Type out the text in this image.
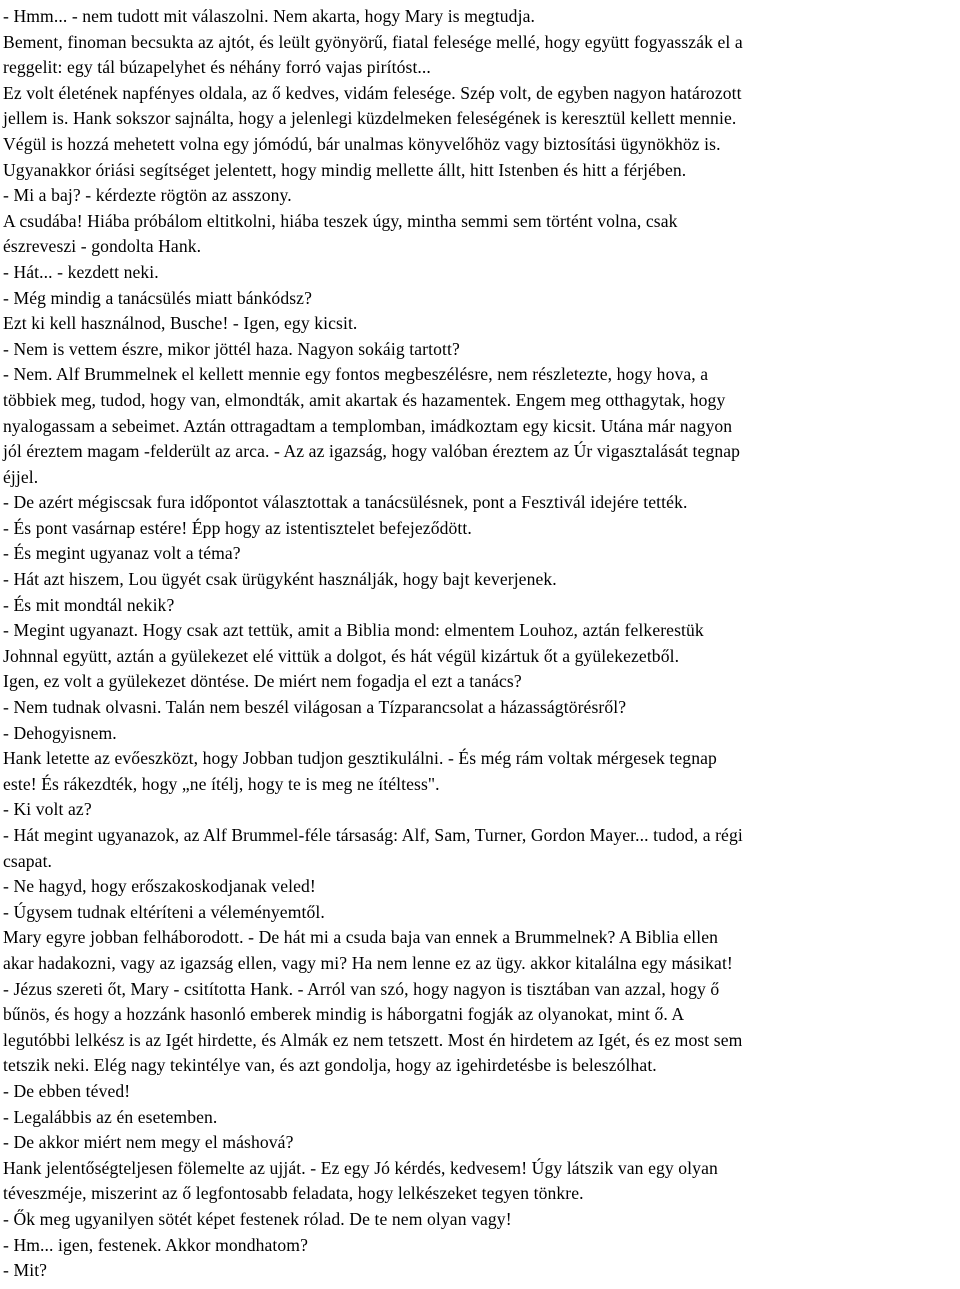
- Hmm... - nem tudott mit válaszolni. Nem akarta, hogy Mary is megtudja.
Bement, finoman becsukta az ajtót, és leült gyönyörű, fiatal felesége mellé, hogy együtt fogyasszák el a
reggelit: egy tál búzapelyhet és néhány forró vajas pirítóst...
Ez volt életének napfényes oldala, az ő kedves, vidám felesége. Szép volt, de egyben nagyon határozott
jellem is. Hank sokszor sajnálta, hogy a jelenlegi küzdelmeken feleségének is keresztül kellett mennie.
Végül is hozzá mehetett volna egy jómódú, bár unalmas könyvelőhöz vagy biztosítási ügynökhöz is.
Ugyanakkor óriási segítséget jelentett, hogy mindig mellette állt, hitt Istenben és hitt a férjében.
- Mi a baj? - kérdezte rögtön az asszony.
A csudába! Hiába próbálom eltitkolni, hiába teszek úgy, mintha semmi sem történt volna, csak
észreveszi - gondolta Hank.
- Hát... - kezdett neki.
- Még mindig a tanácsülés miatt bánkódsz?
Ezt ki kell használnod, Busche! - Igen, egy kicsit.
- Nem is vettem észre, mikor jöttél haza. Nagyon sokáig tartott?
- Nem. Alf Brummelnek el kellett mennie egy fontos megbeszélésre, nem részletezte, hogy hova, a
többiek meg, tudod, hogy van, elmondták, amit akartak és hazamentek. Engem meg otthagytak, hogy
nyalogassam a sebeimet. Aztán ottragadtam a templomban, imádkoztam egy kicsit. Utána már nagyon
jól éreztem magam -felderült az arca. - Az az igazság, hogy valóban éreztem az Úr vigasztalását tegnap
éjjel.
- De azért mégiscsak fura időpontot választottak a tanácsülésnek, pont a Fesztivál idejére tették.
- És pont vasárnap estére! Épp hogy az istentisztelet befejeződött.
- És megint ugyanaz volt a téma?
- Hát azt hiszem, Lou ügyét csak ürügyként használják, hogy bajt keverjenek.
- És mit mondtál nekik?
- Megint ugyanazt. Hogy csak azt tettük, amit a Biblia mond: elmentem Louhoz, aztán felkerestük
Johnnal együtt, aztán a gyülekezet elé vittük a dolgot, és hát végül kizártuk őt a gyülekezetből.
Igen, ez volt a gyülekezet döntése. De miért nem fogadja el ezt a tanács?
- Nem tudnak olvasni. Talán nem beszél világosan a Tízparancsolat a házasságtörésről?
- Dehogyisnem.
Hank letette az evőeszközt, hogy Jobban tudjon gesztikulálni. - És még rám voltak mérgesek tegnap
este! És rákezdték, hogy „ne ítélj, hogy te is meg ne ítéltess".
- Ki volt az?
- Hát megint ugyanazok, az Alf Brummel-féle társaság: Alf, Sam, Turner, Gordon Mayer... tudod, a régi
csapat.
- Ne hagyd, hogy erőszakoskodjanak veled!
- Úgysem tudnak eltéríteni a véleményemtől.
Mary egyre jobban felháborodott. - De hát mi a csuda baja van ennek a Brummelnek? A Biblia ellen
akar hadakozni, vagy az igazság ellen, vagy mi? Ha nem lenne ez az ügy. akkor kitalálna egy másikat!
- Jézus szereti őt, Mary - csitította Hank. - Arról van szó, hogy nagyon is tisztában van azzal, hogy ő
bűnös, és hogy a hozzánk hasonló emberek mindig is háborgatni fogják az olyanokat, mint ő. A
legutóbbi lelkész is az Igét hirdette, és Almák ez nem tetszett. Most én hirdetem az Igét, és ez most sem
tetszik neki. Elég nagy tekintélye van, és azt gondolja, hogy az igehirdetésbe is beleszólhat.
- De ebben téved!
- Legalábbis az én esetemben.
- De akkor miért nem megy el máshová?
Hank jelentőségteljesen fölemelte az ujját. - Ez egy Jó kérdés, kedvesem! Úgy látszik van egy olyan
téveszméje, miszerint az ő legfontosabb feladata, hogy lelkészeket tegyen tönkre.
- Ők meg ugyanilyen sötét képet festenek rólad. De te nem olyan vagy!
- Hm... igen, festenek. Akkor mondhatom?
- Mit?
